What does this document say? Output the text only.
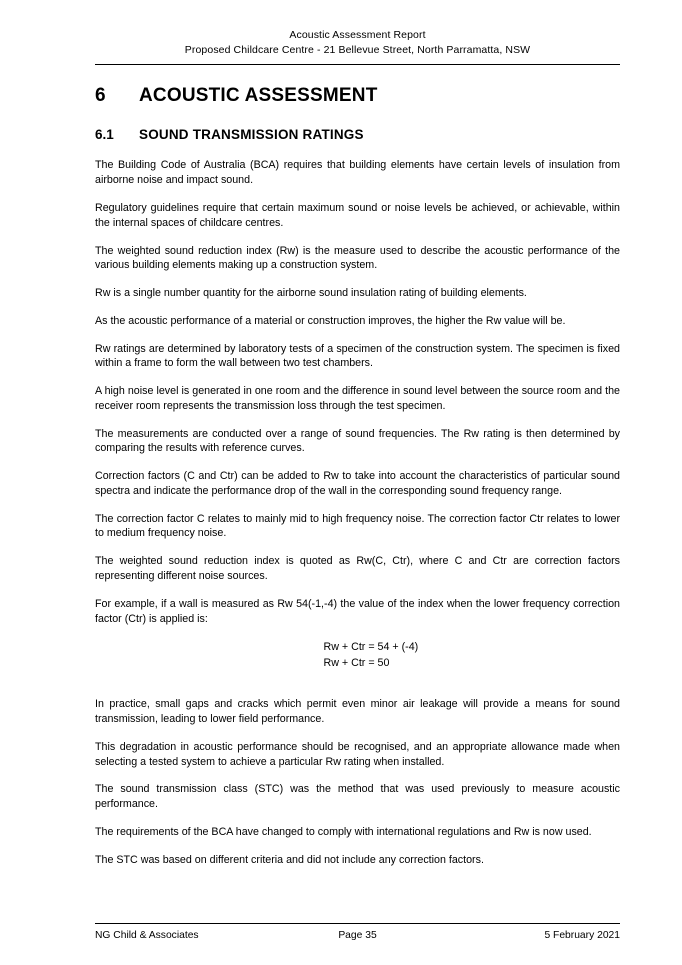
Acoustic Assessment Report
Proposed Childcare Centre - 21 Bellevue Street, North Parramatta, NSW
6	ACOUSTIC ASSESSMENT
6.1	SOUND TRANSMISSION RATINGS

The Building Code of Australia (BCA) requires that building elements have certain levels of insulation from airborne noise and impact sound.

Regulatory guidelines require that certain maximum sound or noise levels be achieved, or achievable, within the internal spaces of childcare centres.

The weighted sound reduction index (Rw) is the measure used to describe the acoustic performance of the various building elements making up a construction system.

Rw is a single number quantity for the airborne sound insulation rating of building elements.

As the acoustic performance of a material or construction improves, the higher the Rw value will be.

Rw ratings are determined by laboratory tests of a specimen of the construction system. The specimen is fixed within a frame to form the wall between two test chambers.

A high noise level is generated in one room and the difference in sound level between the source room and the receiver room represents the transmission loss through the test specimen.

The measurements are conducted over a range of sound frequencies. The Rw rating is then determined by comparing the results with reference curves.

Correction factors (C and Ctr) can be added to Rw to take into account the characteristics of particular sound spectra and indicate the performance drop of the wall in the corresponding sound frequency range.

The correction factor C relates to mainly mid to high frequency noise. The correction factor Ctr relates to lower to medium frequency noise.

The weighted sound reduction index is quoted as Rw(C, Ctr), where C and Ctr are correction factors representing different noise sources.

For example, if a wall is measured as Rw 54(-1,-4) the value of the index when the lower frequency correction factor (Ctr) is applied is:

Rw + Ctr = 54 + (-4)
Rw + Ctr = 50

In practice, small gaps and cracks which permit even minor air leakage will provide a means for sound transmission, leading to lower field performance.

This degradation in acoustic performance should be recognised, and an appropriate allowance made when selecting a tested system to achieve a particular Rw rating when installed.

The sound transmission class (STC) was the method that was used previously to measure acoustic performance.

The requirements of the BCA have changed to comply with international regulations and Rw is now used.

The STC was based on different criteria and did not include any correction factors.

NG Child & Associates	Page 35	5 February 2021
